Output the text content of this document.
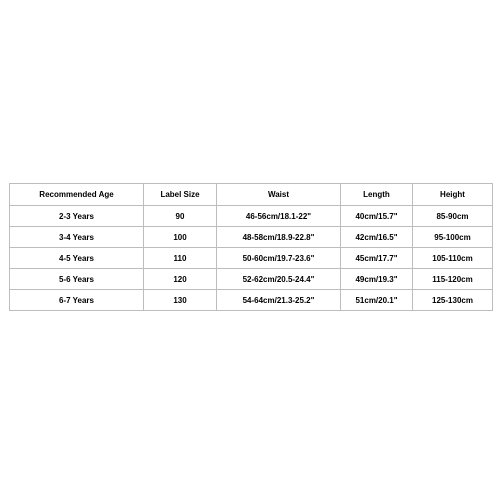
Recommended Age	Label Size	Waist	Length	Height
2-3 Years	90	46-56cm/18.1-22"	40cm/15.7"	85-90cm
3-4 Years	100	48-58cm/18.9-22.8"	42cm/16.5"	95-100cm
4-5 Years	110	50-60cm/19.7-23.6"	45cm/17.7"	105-110cm
5-6 Years	120	52-62cm/20.5-24.4"	49cm/19.3"	115-120cm
6-7 Years	130	54-64cm/21.3-25.2"	51cm/20.1"	125-130cm
